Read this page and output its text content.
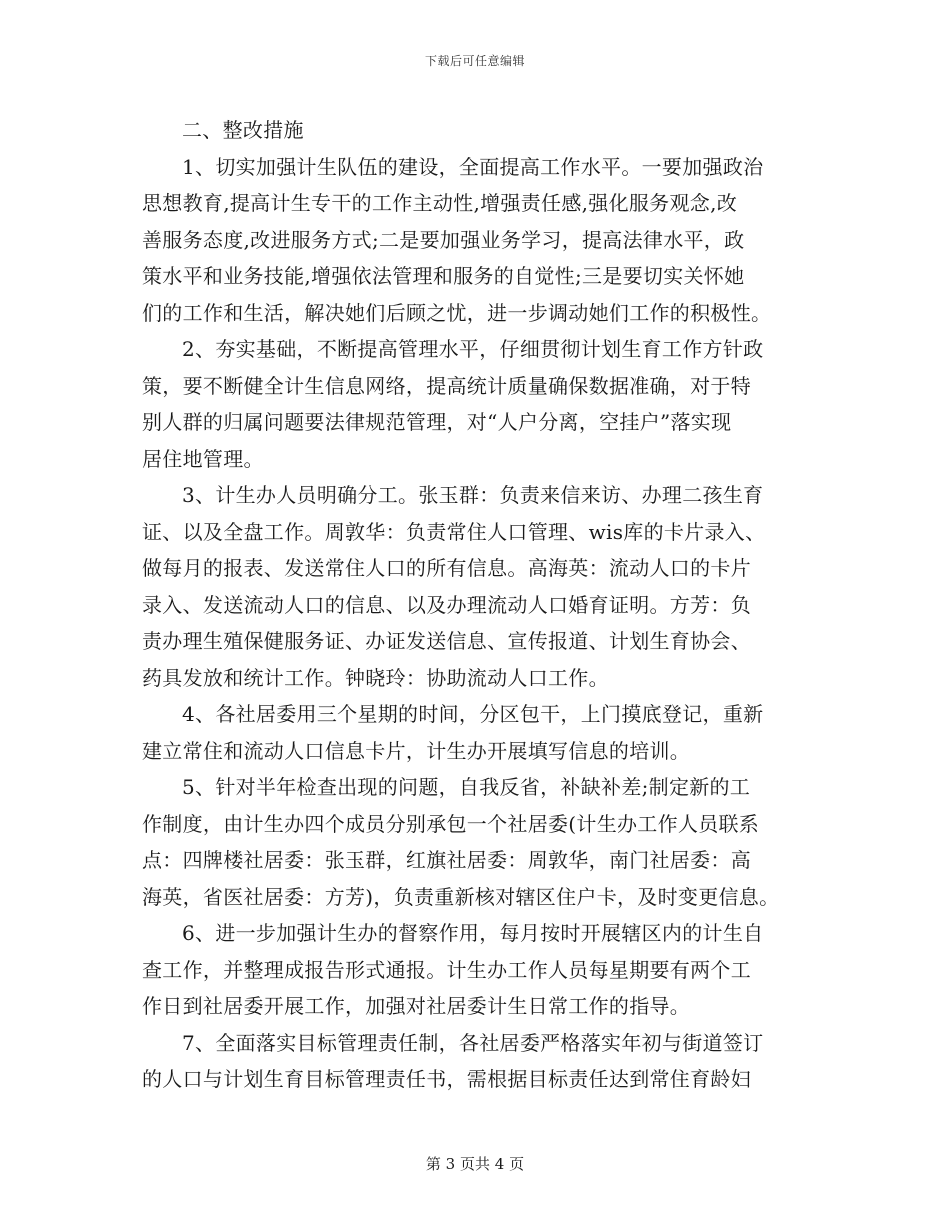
下载后可任意编辑
二、整改措施
1、切实加强计生队伍的建设，全面提高工作水平。一要加强政治
思想教育,提高计生专干的工作主动性,增强责任感,强化服务观念,改
善服务态度,改进服务方式;二是要加强业务学习，提高法律水平，政
策水平和业务技能,增强依法管理和服务的自觉性;三是要切实关怀她
们的工作和生活，解决她们后顾之忧，进一步调动她们工作的积极性。
2、夯实基础，不断提高管理水平，仔细贯彻计划生育工作方针政
策，要不断健全计生信息网络，提高统计质量确保数据准确，对于特
别人群的归属问题要法律规范管理，对“人户分离，空挂户”落实现
居住地管理。
3、计生办人员明确分工。张玉群：负责来信来访、办理二孩生育
证、以及全盘工作。周敦华：负责常住人口管理、wis库的卡片录入、
做每月的报表、发送常住人口的所有信息。高海英：流动人口的卡片
录入、发送流动人口的信息、以及办理流动人口婚育证明。方芳：负
责办理生殖保健服务证、办证发送信息、宣传报道、计划生育协会、
药具发放和统计工作。钟晓玲：协助流动人口工作。
4、各社居委用三个星期的时间，分区包干，上门摸底登记，重新
建立常住和流动人口信息卡片，计生办开展填写信息的培训。
5、针对半年检查出现的问题，自我反省，补缺补差;制定新的工
作制度，由计生办四个成员分别承包一个社居委(计生办工作人员联系
点：四牌楼社居委：张玉群，红旗社居委：周敦华，南门社居委：高
海英，省医社居委：方芳)，负责重新核对辖区住户卡，及时变更信息。
6、进一步加强计生办的督察作用，每月按时开展辖区内的计生自
查工作，并整理成报告形式通报。计生办工作人员每星期要有两个工
作日到社居委开展工作，加强对社居委计生日常工作的指导。
7、全面落实目标管理责任制，各社居委严格落实年初与街道签订
的人口与计划生育目标管理责任书，需根据目标责任达到常住育龄妇
第 3 页共 4 页
